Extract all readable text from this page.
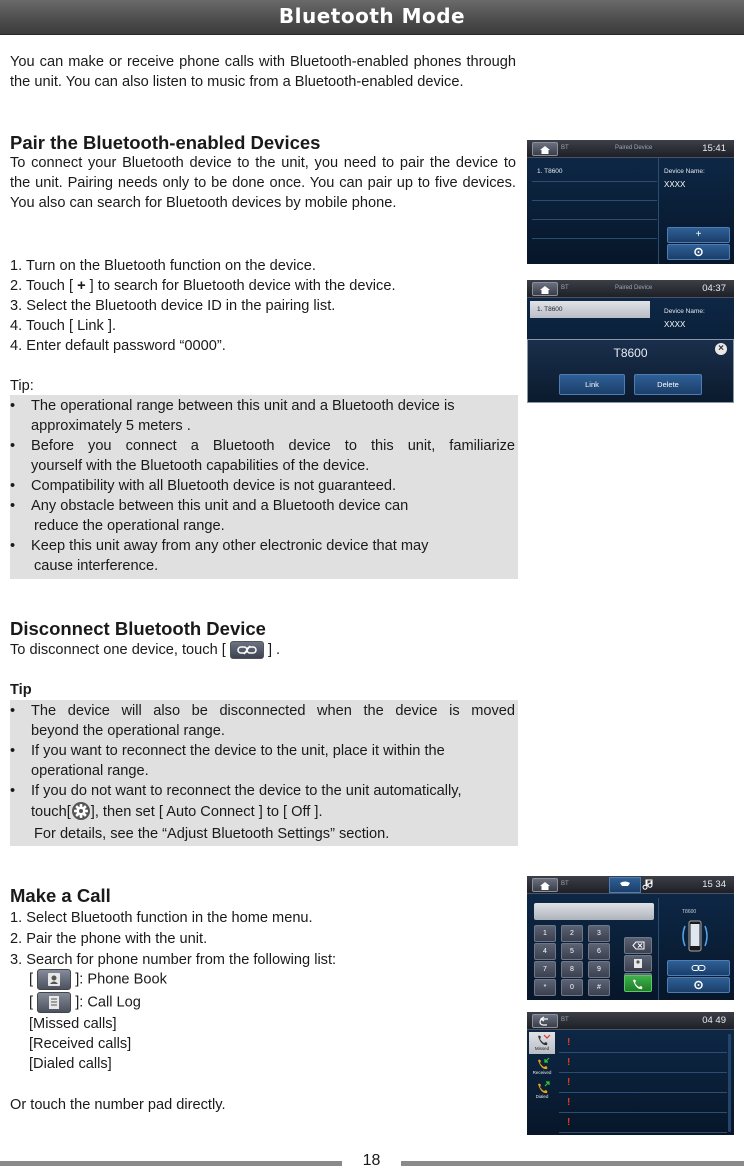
Bluetooth Mode

You can make or receive phone calls with Bluetooth-enabled phones through the unit. You can also listen to music from a Bluetooth-enabled device.

Pair the Bluetooth-enabled Devices

To connect your Bluetooth device to the unit, you need to pair the device to the unit. Pairing needs only to be done once. You can pair up to five devices. You also can search for Bluetooth devices by mobile phone.

1. Turn on the Bluetooth function on the device.
2. Touch [ + ] to search for Bluetooth device with the device.
3. Select the Bluetooth device ID in the pairing list.
4. Touch [ Link ].
4. Enter default password “0000”.
Tip:
• The operational range between this unit and a Bluetooth device is
approximately 5 meters .
• Before you connect a Bluetooth device to this unit, familiarize
yourself with the Bluetooth capabilities of the device.
• Compatibility with all Bluetooth device is not guaranteed.
• Any obstacle between this unit and a Bluetooth device can
reduce the operational range.
• Keep this unit away from any other electronic device that may
cause interference.
Disconnect Bluetooth Device
To disconnect one device, touch [	] .
Tip
• The device will also be disconnected when the device is moved
beyond the operational range.
• If you want to reconnect the device to the unit, place it within the
operational range.
• If you do not want to reconnect the device to the unit automatically,
touch[ ], then set [ Auto Connect ] to [ Off ].
For details, see the “Adjust Bluetooth Settings” section.
Make a Call
1. Select Bluetooth function in the home menu.
2. Pair the phone with the unit.
3. Search for phone number from the following list:
[	]: Phone Book
[	]: Call Log
[Missed calls]
[Received calls]
[Dialed calls]
Or touch the number pad directly.
BT	Paired Device	15:41
1. T8600	Device Name:
XXXX
+
BT	Paired Device	04:37
1. T8600	Device Name:
XXXX
T8600	×
Link	Delete
BT	15 34
1	2	3
4	5	6
7	8	9
*	0	#
T8600
BT	04 49
Missed
Received
Dialed
!
!
!
!
!
18
